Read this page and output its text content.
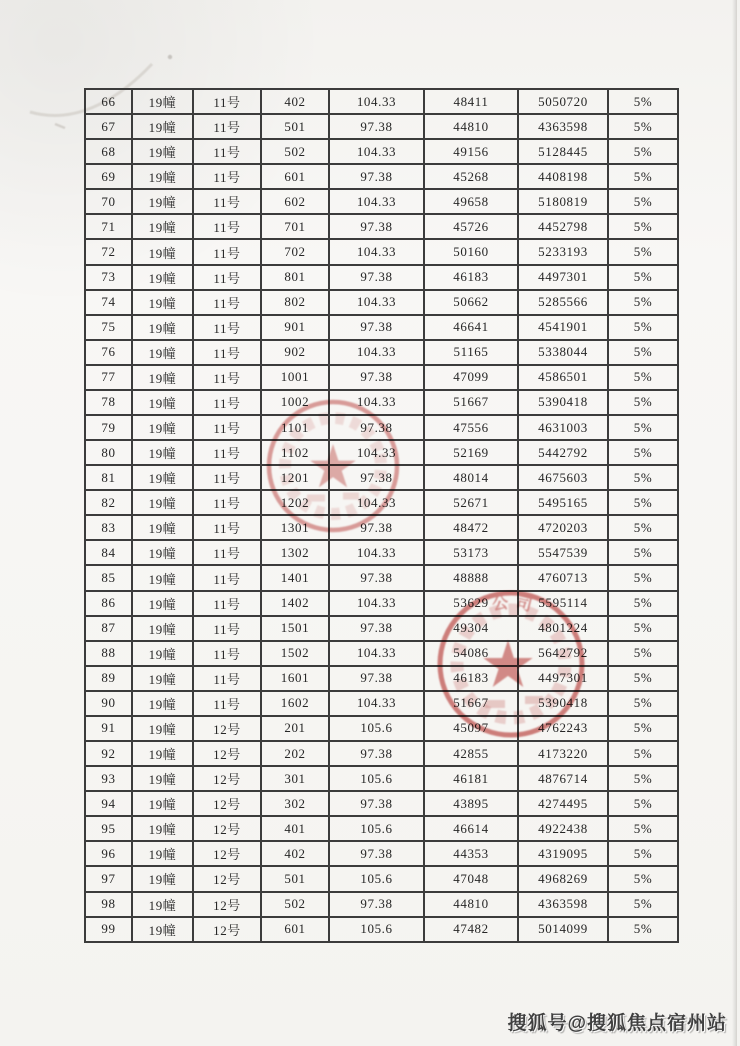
66	19幢	11号	402	104.33	48411	5050720	5%
67	19幢	11号	501	97.38	44810	4363598	5%
68	19幢	11号	502	104.33	49156	5128445	5%
69	19幢	11号	601	97.38	45268	4408198	5%
70	19幢	11号	602	104.33	49658	5180819	5%
71	19幢	11号	701	97.38	45726	4452798	5%
72	19幢	11号	702	104.33	50160	5233193	5%
73	19幢	11号	801	97.38	46183	4497301	5%
74	19幢	11号	802	104.33	50662	5285566	5%
75	19幢	11号	901	97.38	46641	4541901	5%
76	19幢	11号	902	104.33	51165	5338044	5%
77	19幢	11号	1001	97.38	47099	4586501	5%
78	19幢	11号	1002	104.33	51667	5390418	5%
79	19幢	11号	1101	97.38	47556	4631003	5%
80	19幢	11号	1102	104.33	52169	5442792	5%
81	19幢	11号	1201	97.38	48014	4675603	5%
82	19幢	11号	1202	104.33	52671	5495165	5%
83	19幢	11号	1301	97.38	48472	4720203	5%
84	19幢	11号	1302	104.33	53173	5547539	5%
85	19幢	11号	1401	97.38	48888	4760713	5%
86	19幢	11号	1402	104.33	53629	5595114	5%
87	19幢	11号	1501	97.38	49304	4801224	5%
88	19幢	11号	1502	104.33	54086	5642792	5%
89	19幢	11号	1601	97.38	46183	4497301	5%
90	19幢	11号	1602	104.33	51667	5390418	5%
91	19幢	12号	201	105.6	45097	4762243	5%
92	19幢	12号	202	97.38	42855	4173220	5%
93	19幢	12号	301	105.6	46181	4876714	5%
94	19幢	12号	302	97.38	43895	4274495	5%
95	19幢	12号	401	105.6	46614	4922438	5%
96	19幢	12号	402	97.38	44353	4319095	5%
97	19幢	12号	501	105.6	47048	4968269	5%
98	19幢	12号	502	97.38	44810	4363598	5%
99	19幢	12号	601	105.6	47482	5014099	5%
公司
搜狐号@搜狐焦点宿州站
